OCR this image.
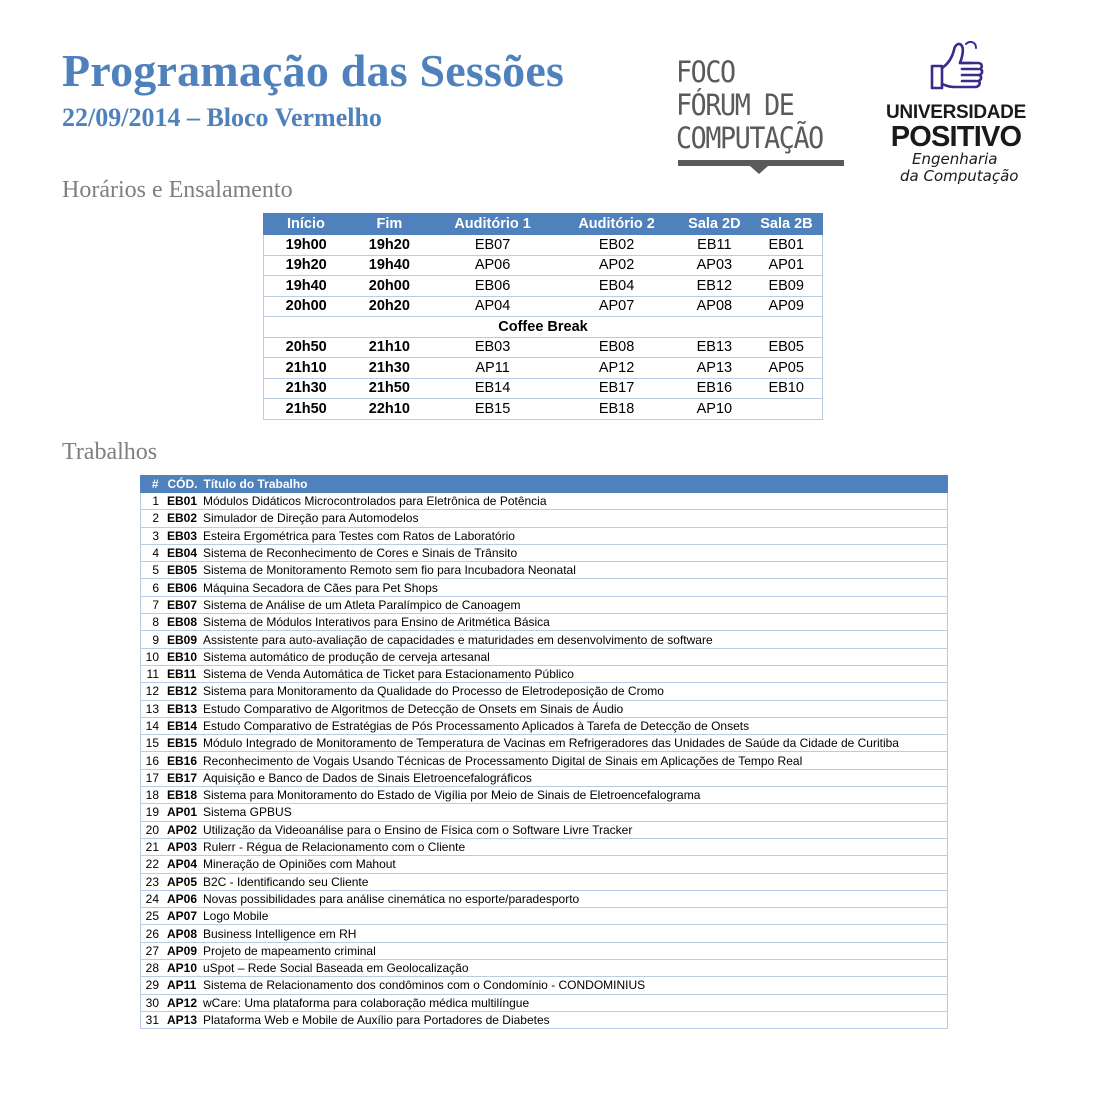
Programação das Sessões
22/09/2014 – Bloco Vermelho
FOCO
FÓRUM DE
COMPUTAÇÃO
UNIVERSIDADE
POSITIVO
Engenharia
da Computação
Horários e Ensalamento
Início	Fim	Auditório 1	Auditório 2	Sala 2D	Sala 2B
19h00	19h20	EB07	EB02	EB11	EB01
19h20	19h40	AP06	AP02	AP03	AP01
19h40	20h00	EB06	EB04	EB12	EB09
20h00	20h20	AP04	AP07	AP08	AP09
Coffee Break					
20h50	21h10	EB03	EB08	EB13	EB05
21h10	21h30	AP11	AP12	AP13	AP05
21h30	21h50	EB14	EB17	EB16	EB10
21h50	22h10	EB15	EB18	AP10	
Trabalhos
#	CÓD.	Título do Trabalho
1	EB01	Módulos Didáticos Microcontrolados para Eletrônica de Potência
2	EB02	Simulador de Direção para Automodelos
3	EB03	Esteira Ergométrica para Testes com Ratos de Laboratório
4	EB04	Sistema de Reconhecimento de Cores e Sinais de Trânsito
5	EB05	Sistema de Monitoramento Remoto sem fio para Incubadora Neonatal
6	EB06	Máquina Secadora de Cães para Pet Shops
7	EB07	Sistema de Análise de um Atleta Paralímpico de Canoagem
8	EB08	Sistema de Módulos Interativos para Ensino de Aritmética Básica
9	EB09	Assistente para auto-avaliação de capacidades e maturidades em desenvolvimento de software
10	EB10	Sistema automático de produção de cerveja artesanal
11	EB11	Sistema de Venda Automática de Ticket para Estacionamento Público
12	EB12	Sistema para Monitoramento da Qualidade do Processo de Eletrodeposição de Cromo
13	EB13	Estudo Comparativo de Algoritmos de Detecção de Onsets em Sinais de Áudio
14	EB14	Estudo Comparativo de Estratégias de Pós Processamento Aplicados à Tarefa de Detecção de Onsets
15	EB15	Módulo Integrado de Monitoramento de Temperatura de Vacinas em Refrigeradores das Unidades de Saúde da Cidade de Curitiba
16	EB16	Reconhecimento de Vogais Usando Técnicas de Processamento Digital de Sinais em Aplicações de Tempo Real
17	EB17	Aquisição e Banco de Dados de Sinais Eletroencefalográficos
18	EB18	Sistema para Monitoramento do Estado de Vigília por Meio de Sinais de Eletroencefalograma
19	AP01	Sistema GPBUS
20	AP02	Utilização da Videoanálise para o Ensino de Física com o Software Livre Tracker
21	AP03	Rulerr - Régua de Relacionamento com o Cliente
22	AP04	Mineração de Opiniões com Mahout
23	AP05	B2C - Identificando seu Cliente
24	AP06	Novas possibilidades para análise cinemática no esporte/paradesporto
25	AP07	Logo Mobile
26	AP08	Business Intelligence em RH
27	AP09	Projeto de mapeamento criminal
28	AP10	uSpot – Rede Social Baseada em Geolocalização
29	AP11	Sistema de Relacionamento dos condôminos com o Condomínio - CONDOMINIUS
30	AP12	wCare: Uma plataforma para colaboração médica multilíngue
31	AP13	Plataforma Web e Mobile de Auxílio para Portadores de Diabetes
